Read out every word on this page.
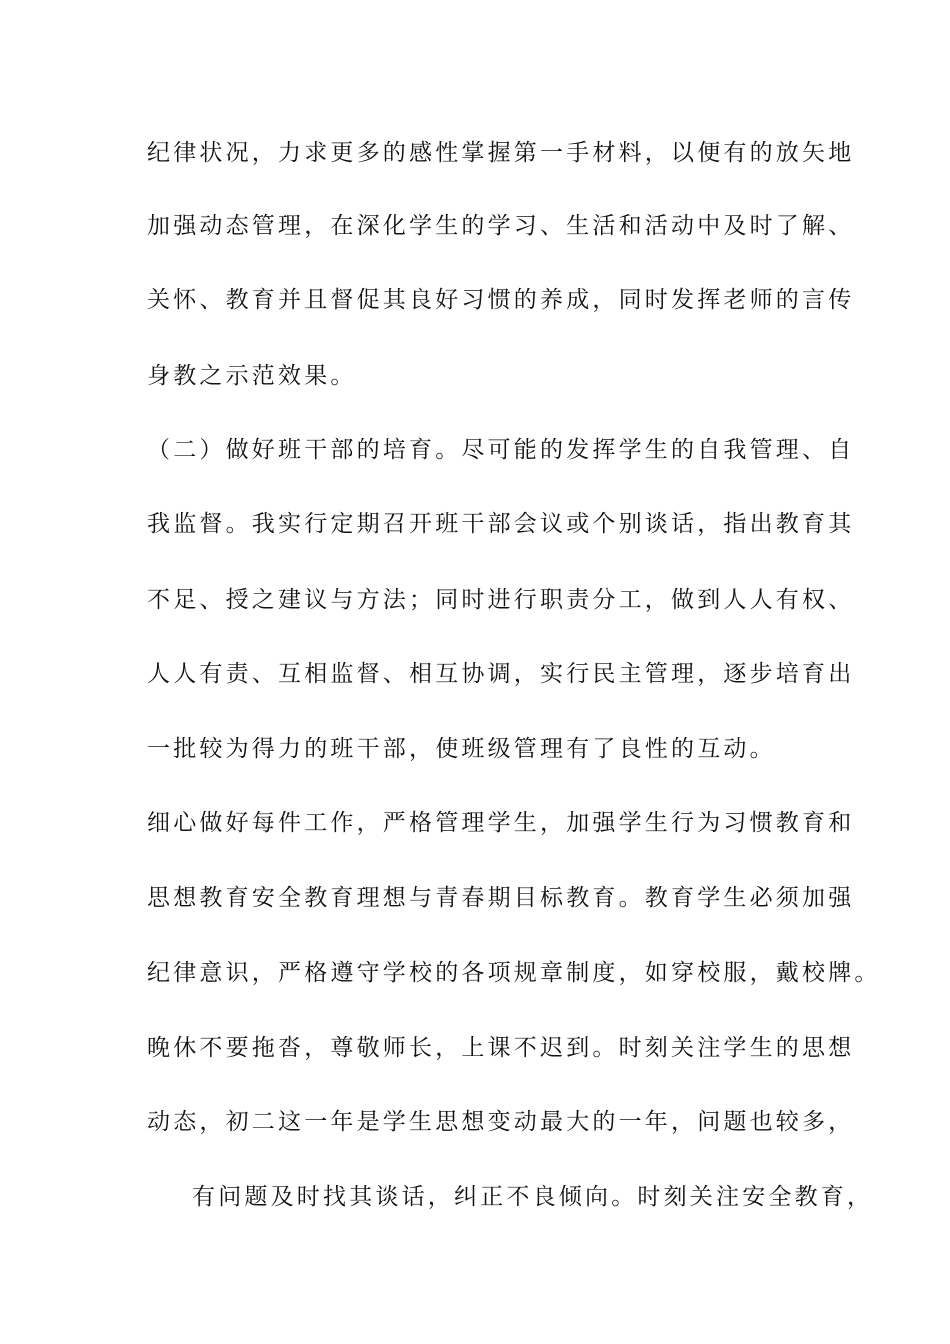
纪律状况，力求更多的感性掌握第一手材料，以便有的放矢地
加强动态管理，在深化学生的学习、生活和活动中及时了解、
关怀、教育并且督促其良好习惯的养成，同时发挥老师的言传
身教之示范效果。
（二）做好班干部的培育。尽可能的发挥学生的自我管理、自
我监督。我实行定期召开班干部会议或个别谈话，指出教育其
不足、授之建议与方法；同时进行职责分工，做到人人有权、
人人有责、互相监督、相互协调，实行民主管理，逐步培育出
一批较为得力的班干部，使班级管理有了良性的互动。
细心做好每件工作，严格管理学生，加强学生行为习惯教育和
思想教育安全教育理想与青春期目标教育。教育学生必须加强
纪律意识，严格遵守学校的各项规章制度，如穿校服，戴校牌。
晚休不要拖沓，尊敬师长，上课不迟到。时刻关注学生的思想
动态，初二这一年是学生思想变动最大的一年，问题也较多，
有问题及时找其谈话，纠正不良倾向。时刻关注安全教育，
